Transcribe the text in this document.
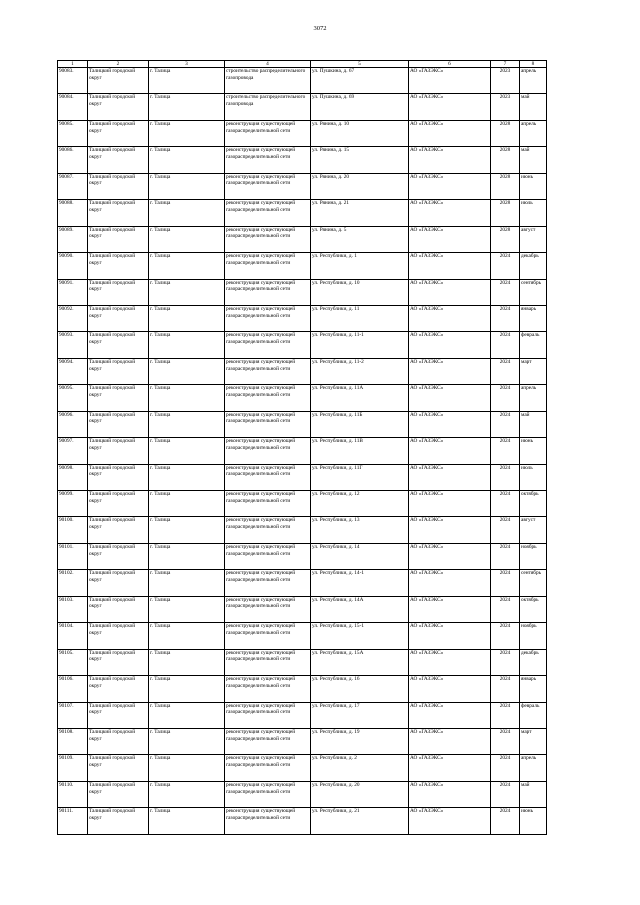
3072
1	2	3	4	5	6	7	8
90083.	Талицкий городской округ	г. Талица	строительство распределительного газопровода	ул. Пушкина, д. 67	АО «ГАЗЭКС»	2023	апрель
90084.	Талицкий городской округ	г. Талица	строительство распределительного газопровода	ул. Пушкина, д. 69	АО «ГАЗЭКС»	2023	май
90085.	Талицкий городской округ	г. Талица	реконструкция существующей газораспределительной сети	ул. Рянина, д. 10	АО «ГАЗЭКС»	2028	апрель
90086.	Талицкий городской округ	г. Талица	реконструкция существующей газораспределительной сети	ул. Рянина, д. 15	АО «ГАЗЭКС»	2028	май
90087.	Талицкий городской округ	г. Талица	реконструкция существующей газораспределительной сети	ул. Рянина, д. 20	АО «ГАЗЭКС»	2028	июнь
90088.	Талицкий городской округ	г. Талица	реконструкция существующей газораспределительной сети	ул. Рянина, д. 21	АО «ГАЗЭКС»	2028	июль
90089.	Талицкий городской округ	г. Талица	реконструкция существующей газораспределительной сети	ул. Рянина, д. 5	АО «ГАЗЭКС»	2028	август
90090.	Талицкий городской округ	г. Талица	реконструкция существующей газораспределительной сети	ул. Республики, д. 1	АО «ГАЗЭКС»	2024	декабрь
90091.	Талицкий городской округ	г. Талица	реконструкция существующей газораспределительной сети	ул. Республики, д. 10	АО «ГАЗЭКС»	2024	сентябрь
90092.	Талицкий городской округ	г. Талица	реконструкция существующей газораспределительной сети	ул. Республики, д. 11	АО «ГАЗЭКС»	2024	январь
90093.	Талицкий городской округ	г. Талица	реконструкция существующей газораспределительной сети	ул. Республики, д. 11-1	АО «ГАЗЭКС»	2024	февраль
90094.	Талицкий городской округ	г. Талица	реконструкция существующей газораспределительной сети	ул. Республики, д. 11-2	АО «ГАЗЭКС»	2024	март
90095.	Талицкий городской округ	г. Талица	реконструкция существующей газораспределительной сети	ул. Республики, д. 11А	АО «ГАЗЭКС»	2024	апрель
90096.	Талицкий городской округ	г. Талица	реконструкция существующей газораспределительной сети	ул. Республики, д. 11Б	АО «ГАЗЭКС»	2024	май
90097.	Талицкий городской округ	г. Талица	реконструкция существующей газораспределительной сети	ул. Республики, д. 11В	АО «ГАЗЭКС»	2024	июнь
90098.	Талицкий городской округ	г. Талица	реконструкция существующей газораспределительной сети	ул. Республики, д. 11Г	АО «ГАЗЭКС»	2024	июль
90099.	Талицкий городской округ	г. Талица	реконструкция существующей газораспределительной сети	ул. Республики, д. 12	АО «ГАЗЭКС»	2024	октябрь
90100.	Талицкий городской округ	г. Талица	реконструкция существующей газораспределительной сети	ул. Республики, д. 13	АО «ГАЗЭКС»	2024	август
90101.	Талицкий городской округ	г. Талица	реконструкция существующей газораспределительной сети	ул. Республики, д. 14	АО «ГАЗЭКС»	2024	ноябрь
90102.	Талицкий городской округ	г. Талица	реконструкция существующей газораспределительной сети	ул. Республики, д. 14-1	АО «ГАЗЭКС»	2024	сентябрь
90103.	Талицкий городской округ	г. Талица	реконструкция существующей газораспределительной сети	ул. Республики, д. 14А	АО «ГАЗЭКС»	2024	октябрь
90104.	Талицкий городской округ	г. Талица	реконструкция существующей газораспределительной сети	ул. Республики, д. 15-1	АО «ГАЗЭКС»	2024	ноябрь
90105.	Талицкий городской округ	г. Талица	реконструкция существующей газораспределительной сети	ул. Республики, д. 15А	АО «ГАЗЭКС»	2024	декабрь
90106.	Талицкий городской округ	г. Талица	реконструкция существующей газораспределительной сети	ул. Республики, д. 16	АО «ГАЗЭКС»	2024	январь
90107.	Талицкий городской округ	г. Талица	реконструкция существующей газораспределительной сети	ул. Республики, д. 17	АО «ГАЗЭКС»	2024	февраль
90108.	Талицкий городской округ	г. Талица	реконструкция существующей газораспределительной сети	ул. Республики, д. 19	АО «ГАЗЭКС»	2024	март
90109.	Талицкий городской округ	г. Талица	реконструкция существующей газораспределительной сети	ул. Республики, д. 2	АО «ГАЗЭКС»	2024	апрель
90110.	Талицкий городской округ	г. Талица	реконструкция существующей газораспределительной сети	ул. Республики, д. 20	АО «ГАЗЭКС»	2024	май
90111.	Талицкий городской округ	г. Талица	реконструкция существующей газораспределительной сети	ул. Республики, д. 21	АО «ГАЗЭКС»	2024	июнь
